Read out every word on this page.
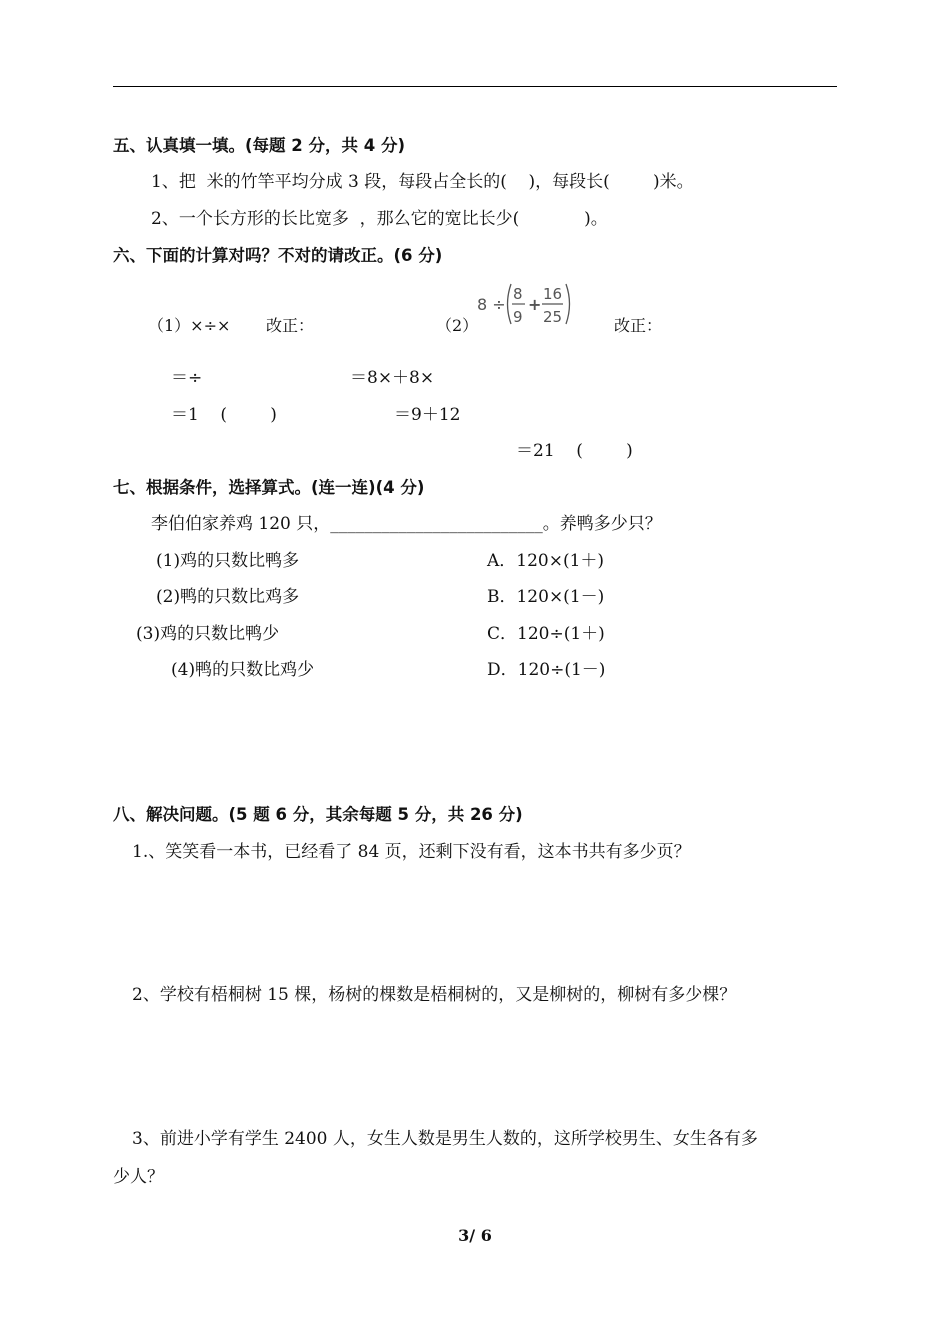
五、认真填一填。(每题 2 分，共 4 分)
1、把  米的竹竿平均分成 3 段，每段占全长的(    )，每段长(        )米。
2、一个长方形的长比宽多  ，那么它的宽比长少(            )。
六、下面的计算对吗？不对的请改正。(6 分)
（1）×÷× 改正：	（2）
8 ÷
8
9
+
16
25	改正：
＝÷	＝8×＋8×
＝1    (        )	＝9＋12
＝21    (        )
七、根据条件，选择算式。(连一连)(4 分)
李伯伯家养鸡 120 只，_________________________。养鸭多少只？
(1)鸡的只数比鸭多
(2)鸭的只数比鸡多
(3)鸡的只数比鸭少
(4)鸭的只数比鸡少
A．120×(1＋)
B．120×(1－)
C．120÷(1＋)
D．120÷(1－)
八、解决问题。(5 题 6 分，其余每题 5 分，共 26 分)
1.、笑笑看一本书，已经看了 84 页，还剩下没有看，这本书共有多少页？
2、学校有梧桐树 15 棵，杨树的棵数是梧桐树的，又是柳树的，柳树有多少棵？
3、前进小学有学生 2400 人，女生人数是男生人数的，这所学校男生、女生各有多
少人？
3/ 6
